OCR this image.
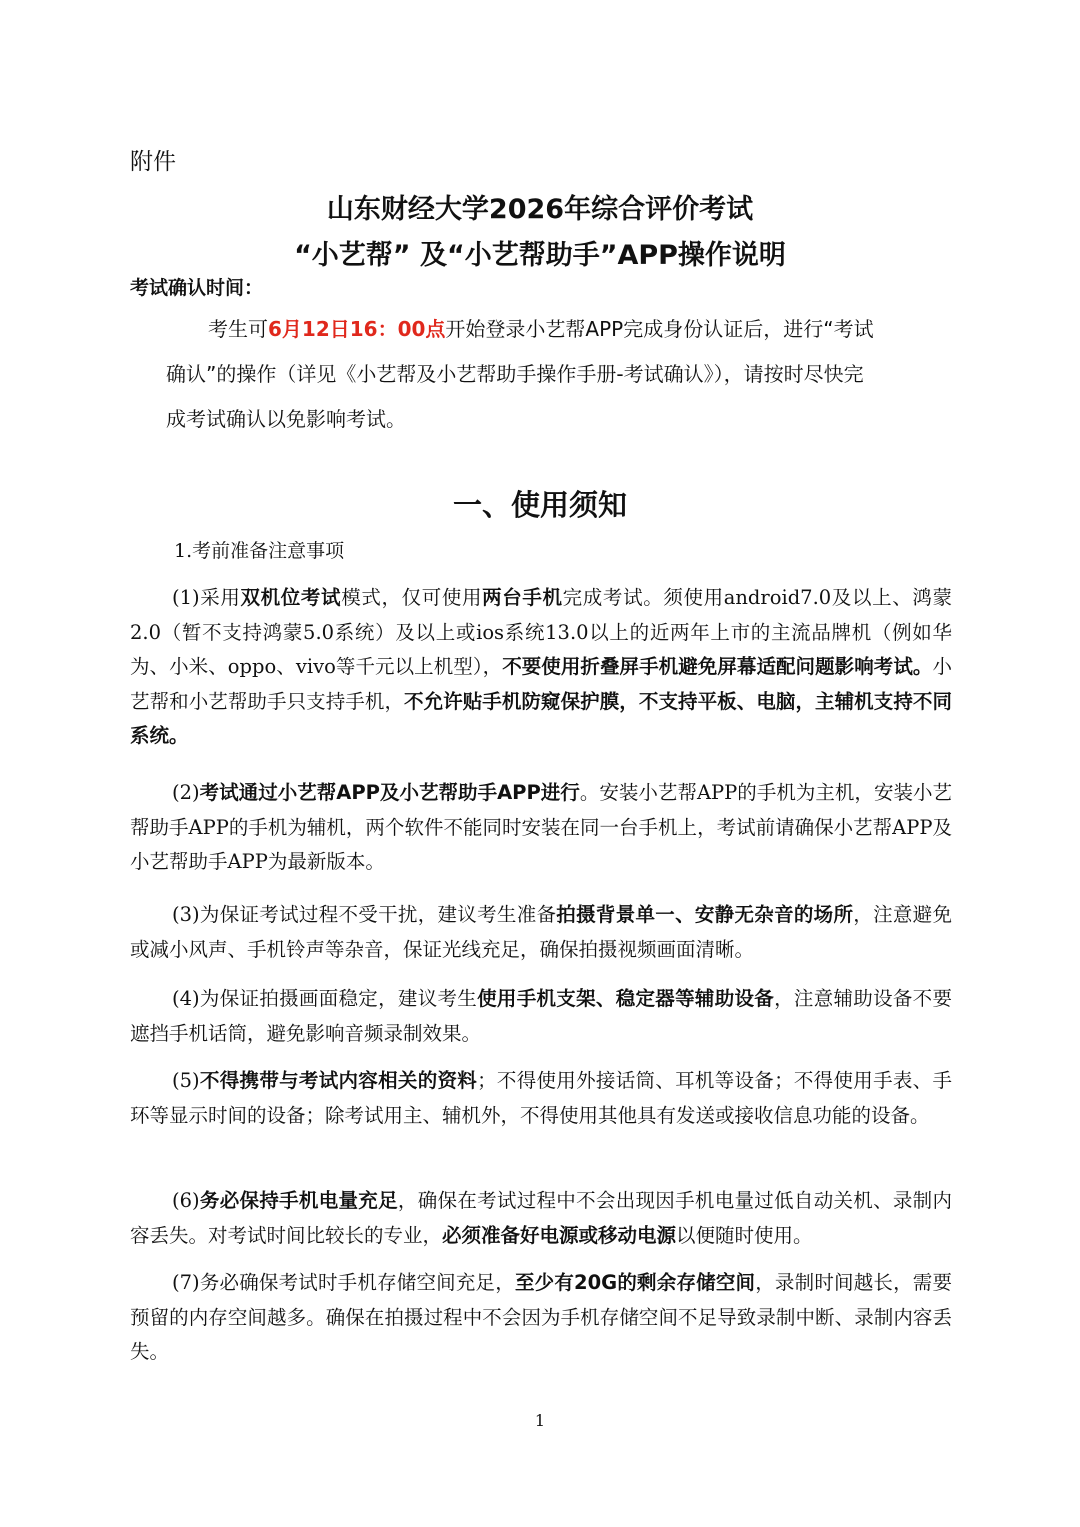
附件
山东财经大学2026年综合评价考试
“小艺帮” 及“小艺帮助手”APP操作说明
考试确认时间：
考生可6月12日16：00点开始登录小艺帮APP完成身份认证后，进行“考试
确认”的操作（详见《小艺帮及小艺帮助手操作手册-考试确认》），请按时尽快完
成考试确认以免影响考试。
一、使用须知
1.考前准备注意事项
(1)采用双机位考试模式，仅可使用两台手机完成考试。须使用android7.0及以上、鸿蒙2.0（暂不支持鸿蒙5.0系统）及以上或ios系统13.0以上的近两年上市的主流品牌机（例如华为、小米、oppo、vivo等千元以上机型），不要使用折叠屏手机避免屏幕适配问题影响考试。小艺帮和小艺帮助手只支持手机，不允许贴手机防窥保护膜，不支持平板、电脑，主辅机支持不同系统。
(2)考试通过小艺帮APP及小艺帮助手APP进行。安装小艺帮APP的手机为主机，安装小艺帮助手APP的手机为辅机，两个软件不能同时安装在同一台手机上，考试前请确保小艺帮APP及小艺帮助手APP为最新版本。
(3)为保证考试过程不受干扰，建议考生准备拍摄背景单一、安静无杂音的场所，注意避免或减小风声、手机铃声等杂音，保证光线充足，确保拍摄视频画面清晰。
(4)为保证拍摄画面稳定，建议考生使用手机支架、稳定器等辅助设备，注意辅助设备不要遮挡手机话筒，避免影响音频录制效果。
(5)不得携带与考试内容相关的资料；不得使用外接话筒、耳机等设备；不得使用手表、手环等显示时间的设备；除考试用主、辅机外，不得使用其他具有发送或接收信息功能的设备。
(6)务必保持手机电量充足，确保在考试过程中不会出现因手机电量过低自动关机、录制内容丢失。对考试时间比较长的专业，必须准备好电源或移动电源以便随时使用。
(7)务必确保考试时手机存储空间充足，至少有20G的剩余存储空间，录制时间越长，需要预留的内存空间越多。确保在拍摄过程中不会因为手机存储空间不足导致录制中断、录制内容丢失。
1
